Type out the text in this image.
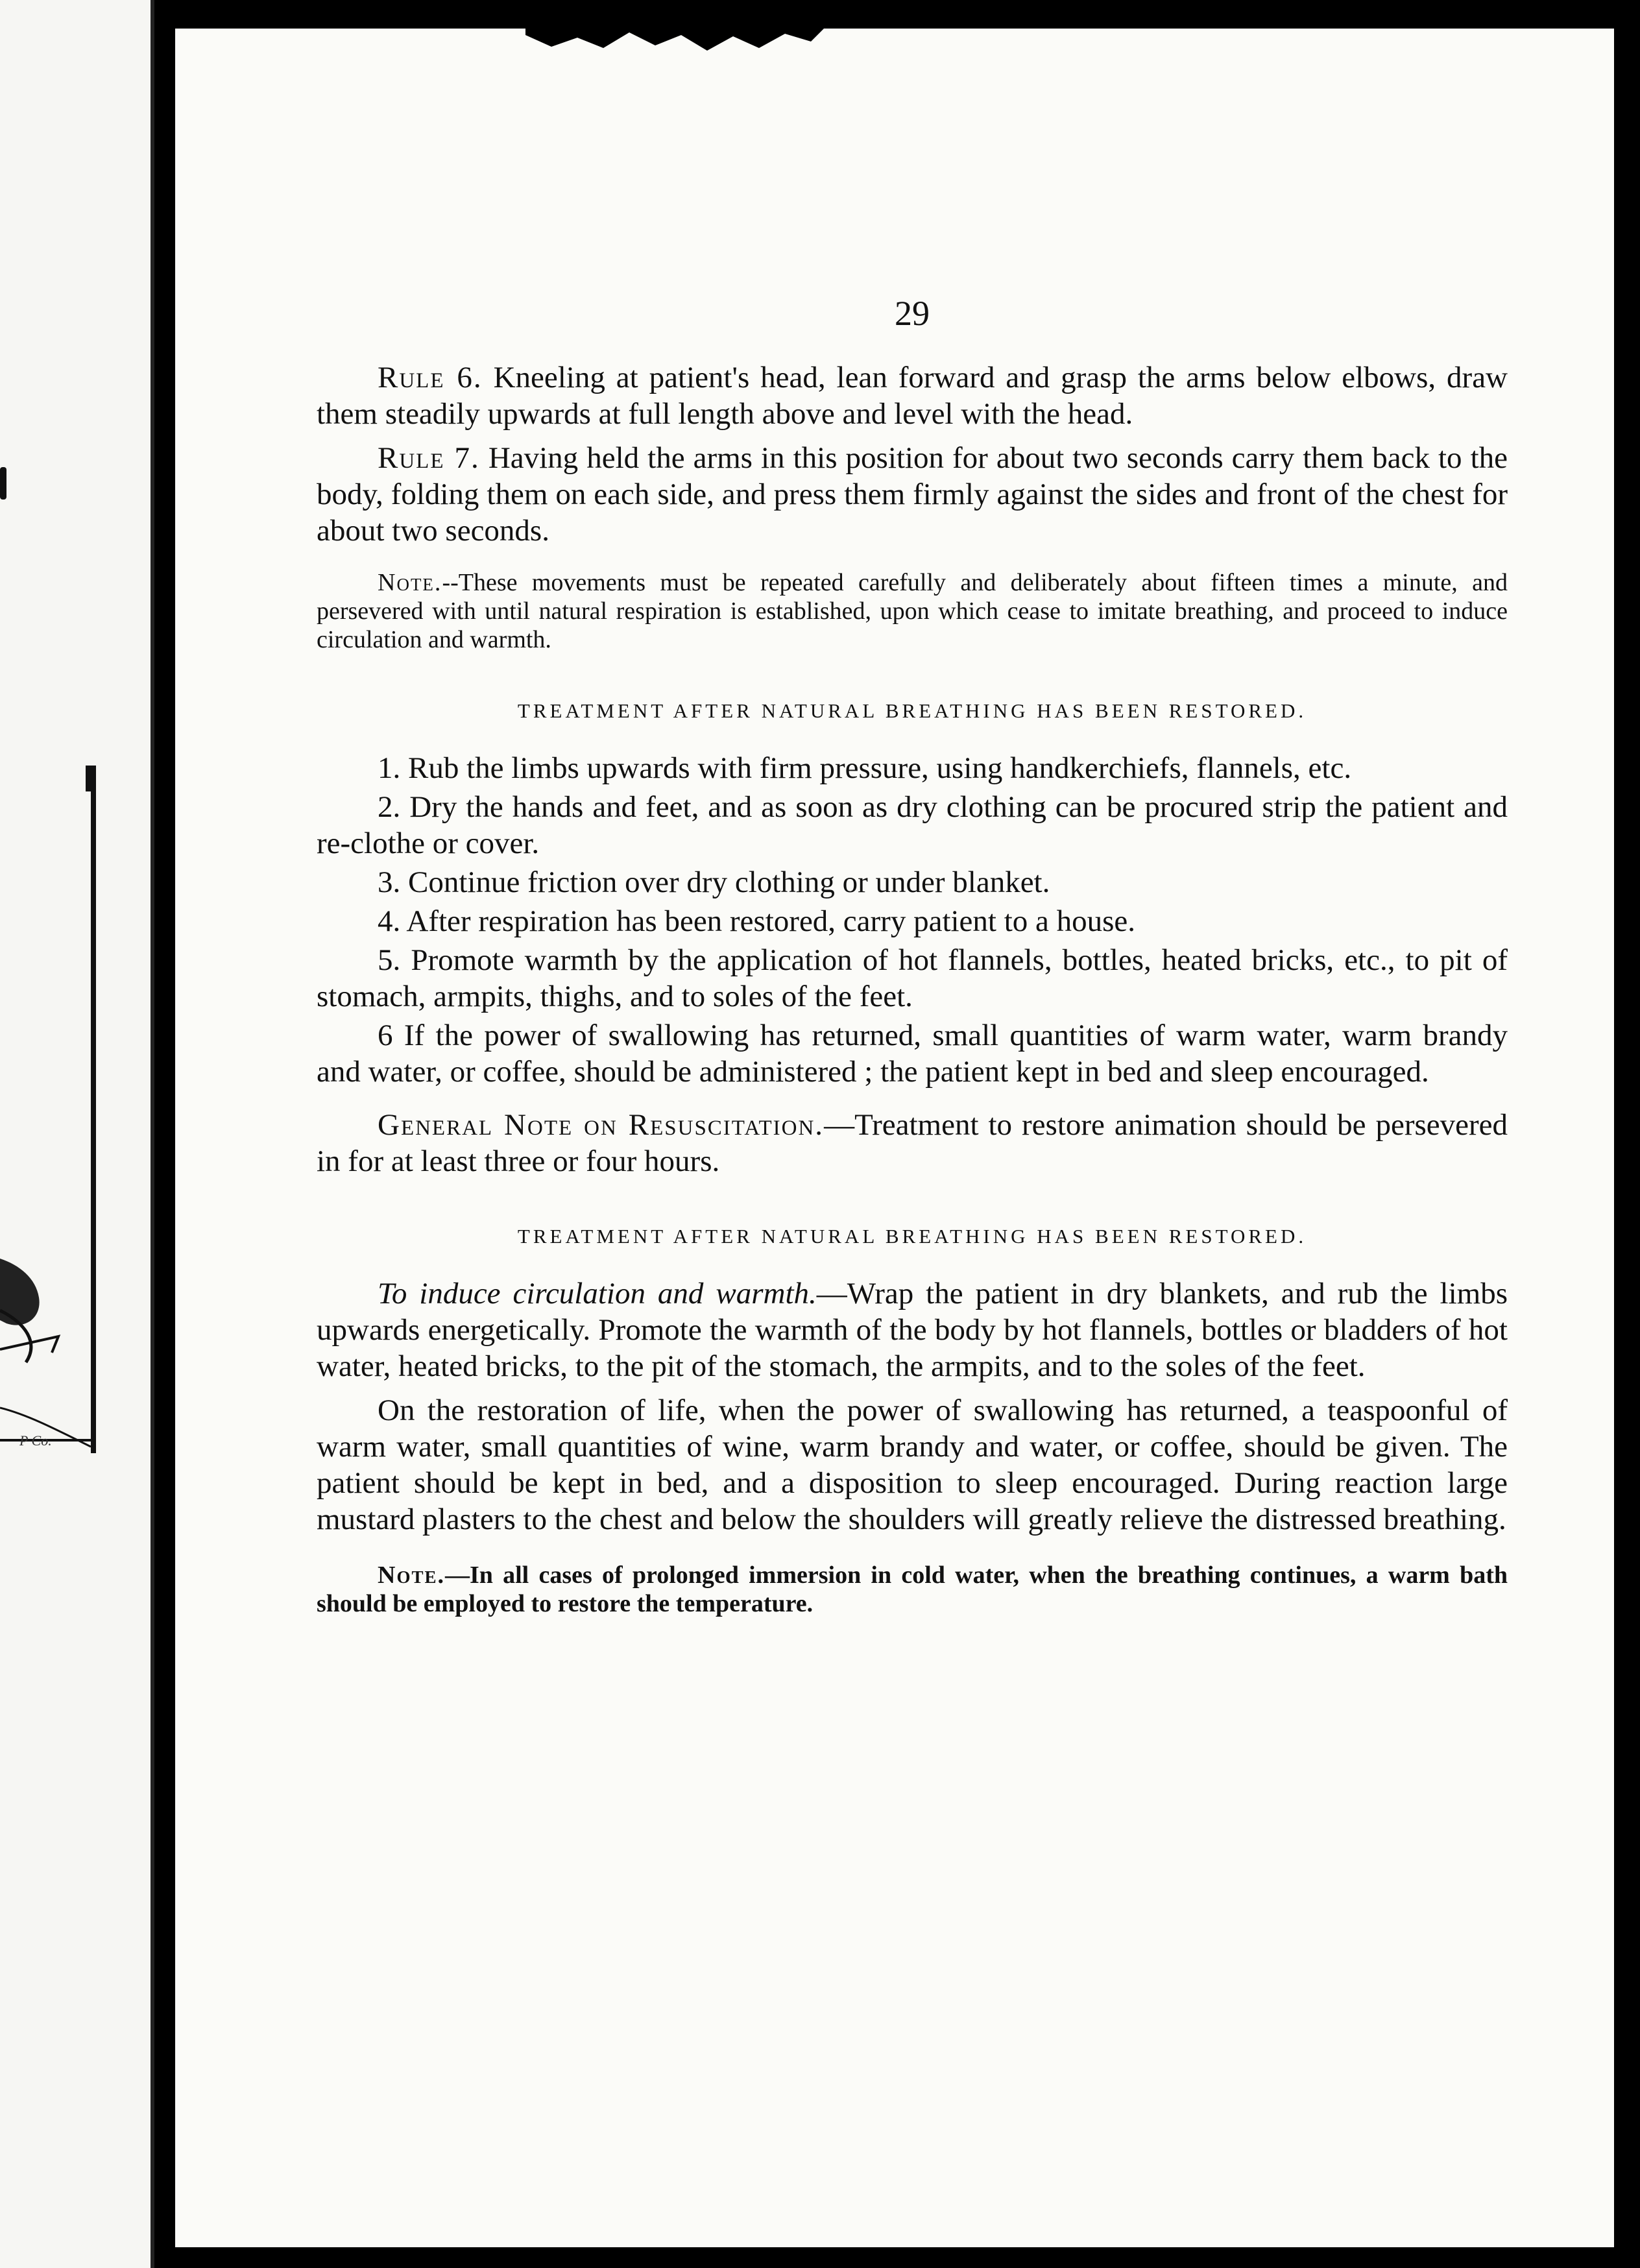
P Co.
29

Rule 6. Kneeling at patient's head, lean forward and grasp the arms below elbows, draw them steadily upwards at full length above and level with the head.

Rule 7. Having held the arms in this position for about two seconds carry them back to the body, folding them on each side, and press them firmly against the sides and front of the chest for about two seconds.

Note.--These movements must be repeated carefully and deliberately about fifteen times a minute, and persevered with until natural respiration is established, upon which cease to imitate breathing, and proceed to induce circulation and warmth.

TREATMENT AFTER NATURAL BREATHING HAS BEEN RESTORED.

1. Rub the limbs upwards with firm pressure, using handkerchiefs, flannels, etc.

2. Dry the hands and feet, and as soon as dry clothing can be procured strip the patient and re-clothe or cover.

3. Continue friction over dry clothing or under blanket.

4. After respiration has been restored, carry patient to a house.

5. Promote warmth by the application of hot flannels, bottles, heated bricks, etc., to pit of stomach, armpits, thighs, and to soles of the feet.

6 If the power of swallowing has returned, small quantities of warm water, warm brandy and water, or coffee, should be administered ; the patient kept in bed and sleep encouraged.

General Note on Resuscitation.—Treatment to restore animation should be persevered in for at least three or four hours.

TREATMENT AFTER NATURAL BREATHING HAS BEEN RESTORED.

To induce circulation and warmth.—Wrap the patient in dry blankets, and rub the limbs upwards energetically. Promote the warmth of the body by hot flannels, bottles or bladders of hot water, heated bricks, to the pit of the stomach, the armpits, and to the soles of the feet.

On the restoration of life, when the power of swallowing has returned, a teaspoonful of warm water, small quantities of wine, warm brandy and water, or coffee, should be given. The patient should be kept in bed, and a disposition to sleep encouraged. During reaction large mustard plasters to the chest and below the shoulders will greatly relieve the distressed breathing.

Note.—In all cases of prolonged immersion in cold water, when the breathing continues, a warm bath should be employed to restore the temperature.
